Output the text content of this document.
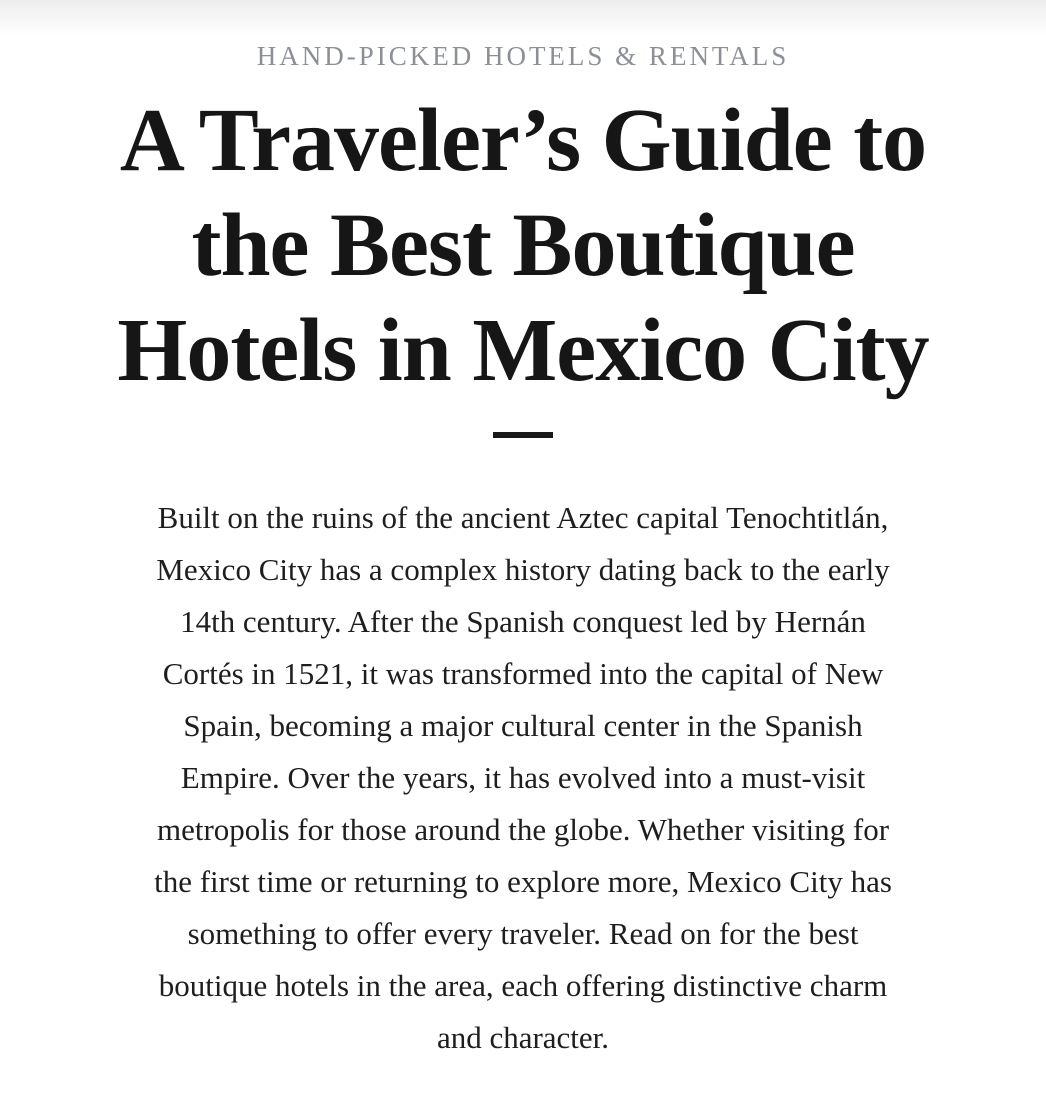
HAND-PICKED HOTELS & RENTALS
A Traveler’s Guide to
the Best Boutique
Hotels in Mexico City

Built on the ruins of the ancient Aztec capital Tenochtitlán,
Mexico City has a complex history dating back to the early
14th century. After the Spanish conquest led by Hernán
Cortés in 1521, it was transformed into the capital of New
Spain, becoming a major cultural center in the Spanish
Empire. Over the years, it has evolved into a must-visit
metropolis for those around the globe. Whether visiting for
the first time or returning to explore more, Mexico City has
something to offer every traveler. Read on for the best
boutique hotels in the area, each offering distinctive charm
and character.
